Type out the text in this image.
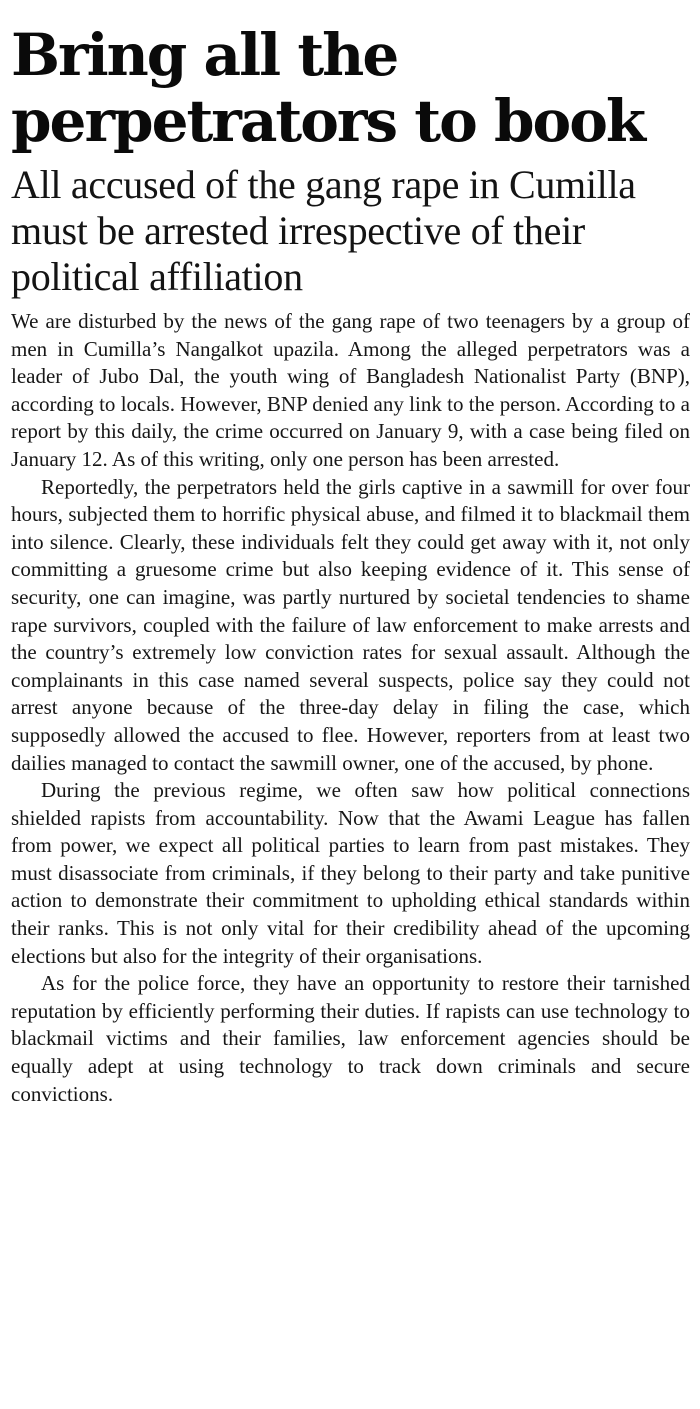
Bring all the perpetrators to book
All accused of the gang rape in Cumilla must be arrested irrespective of their political affiliation

We are disturbed by the news of the gang rape of two teenagers by a group of men in Cumilla’s Nangalkot upazila. Among the alleged perpetrators was a leader of Jubo Dal, the youth wing of Bangladesh Nationalist Party (BNP), according to locals. However, BNP denied any link to the person. According to a report by this daily, the crime occurred on January 9, with a case being filed on January 12. As of this writing, only one person has been arrested.

Reportedly, the perpetrators held the girls captive in a sawmill for over four hours, subjected them to horrific physical abuse, and filmed it to blackmail them into silence. Clearly, these individuals felt they could get away with it, not only committing a gruesome crime but also keeping evidence of it. This sense of security, one can imagine, was partly nurtured by societal tendencies to shame rape survivors, coupled with the failure of law enforcement to make arrests and the country’s extremely low conviction rates for sexual assault. Although the complainants in this case named several suspects, police say they could not arrest anyone because of the three-day delay in filing the case, which supposedly allowed the accused to flee. However, reporters from at least two dailies managed to contact the sawmill owner, one of the accused, by phone.

During the previous regime, we often saw how political connections shielded rapists from accountability. Now that the Awami League has fallen from power, we expect all political parties to learn from past mistakes. They must disassociate from criminals, if they belong to their party and take punitive action to demonstrate their commitment to upholding ethical standards within their ranks. This is not only vital for their credibility ahead of the upcoming elections but also for the integrity of their organisations.

As for the police force, they have an opportunity to restore their tarnished reputation by efficiently performing their duties. If rapists can use technology to blackmail victims and their families, law enforcement agencies should be equally adept at using technology to track down criminals and secure convictions.
